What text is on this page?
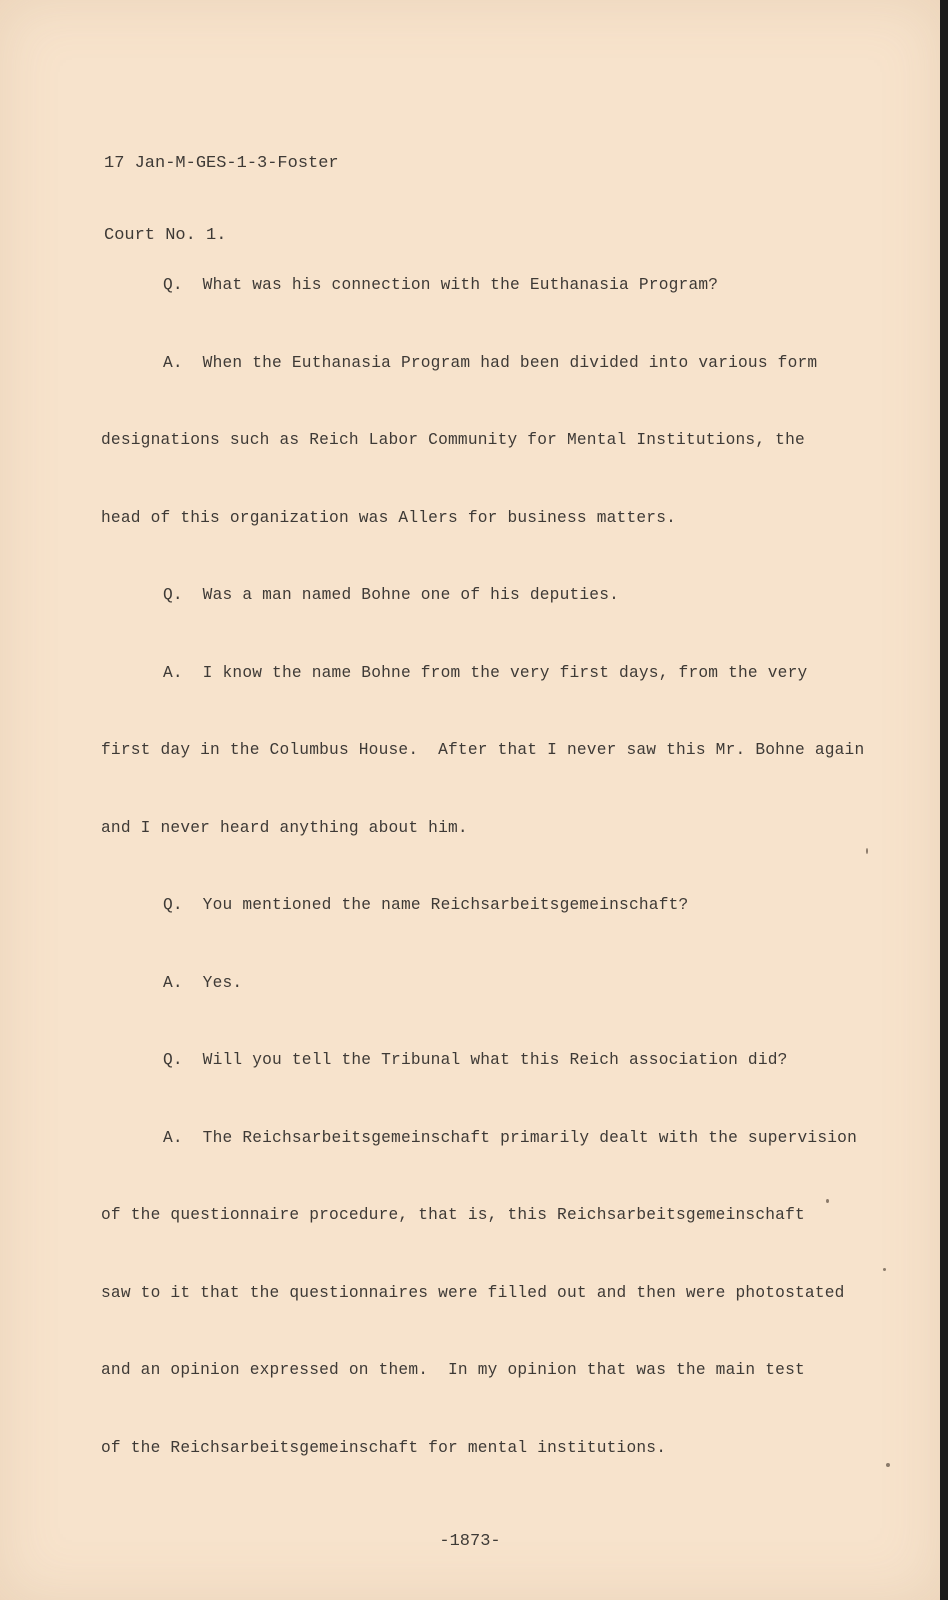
17 Jan-M-GES-1-3-Foster

Court No. 1.

Q.  What was his connection with the Euthanasia Program?

A.  When the Euthanasia Program had been divided into various form

designations such as Reich Labor Community for Mental Institutions, the

head of this organization was Allers for business matters.

Q.  Was a man named Bohne one of his deputies.

A.  I know the name Bohne from the very first days, from the very

first day in the Columbus House.  After that I never saw this Mr. Bohne again

and I never heard anything about him.

Q.  You mentioned the name Reichsarbeitsgemeinschaft?

A.  Yes.

Q.  Will you tell the Tribunal what this Reich association did?

A.  The Reichsarbeitsgemeinschaft primarily dealt with the supervision

of the questionnaire procedure, that is, this Reichsarbeitsgemeinschaft

saw to it that the questionnaires were filled out and then were photostated

and an opinion expressed on them.  In my opinion that was the main test

of the Reichsarbeitsgemeinschaft for mental institutions.

-1873-
